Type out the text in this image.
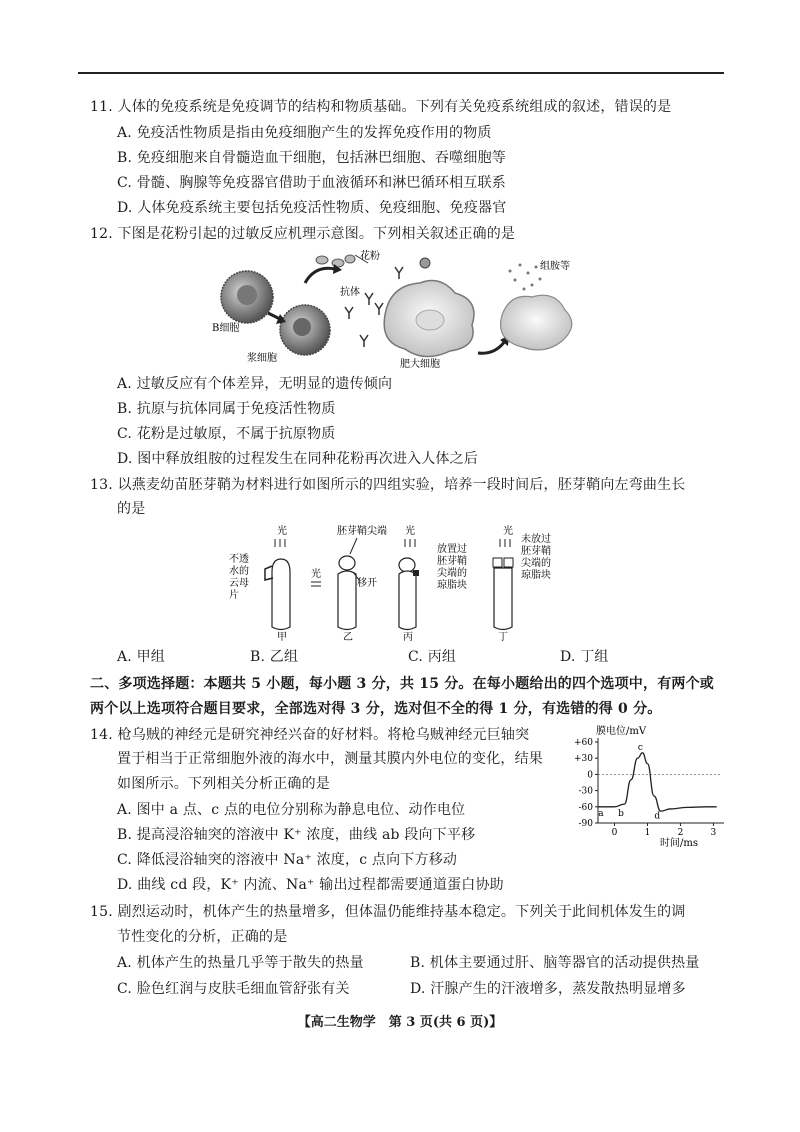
11. 人体的免疫系统是免疫调节的结构和物质基础。下列有关免疫系统组成的叙述，错误的是
A. 免疫活性物质是指由免疫细胞产生的发挥免疫作用的物质
B. 免疫细胞来自骨髓造血干细胞，包括淋巴细胞、吞噬细胞等
C. 骨髓、胸腺等免疫器官借助于血液循环和淋巴循环相互联系
D. 人体免疫系统主要包括免疫活性物质、免疫细胞、免疫器官
12. 下图是花粉引起的过敏反应机理示意图。下列相关叙述正确的是
花粉
抗体
组胺等
B细胞
浆细胞
肥大细胞
A. 过敏反应有个体差异，无明显的遗传倾向
B. 抗原与抗体同属于免疫活性物质
C. 花粉是过敏原，不属于抗原物质
D. 图中释放组胺的过程发生在同种花粉再次进入人体之后
13. 以燕麦幼苗胚芽鞘为材料进行如图所示的四组实验，培养一段时间后，胚芽鞘向左弯曲生长
的是
光
不透
水的
云母
片
甲
胚芽鞘尖端
光
移开
乙
光
丙
放置过
胚芽鞘
尖端的
琼脂块
光
未放过
胚芽鞘
尖端的
琼脂块
丁
A. 甲组	B. 乙组	C. 丙组	D. 丁组
二、多项选择题：本题共 5 小题，每小题 3 分，共 15 分。在每小题给出的四个选项中，有两个或
两个以上选项符合题目要求，全部选对得 3 分，选对但不全的得 1 分，有选错的得 0 分。
14. 枪乌贼的神经元是研究神经兴奋的好材料。将枪乌贼神经元巨轴突
置于相当于正常细胞外液的海水中，测量其膜内外电位的变化，结果
如图所示。下列相关分析正确的是
A. 图中 a 点、c 点的电位分别称为静息电位、动作电位
B. 提高浸浴轴突的溶液中 K⁺ 浓度，曲线 ab 段向下平移
C. 降低浸浴轴突的溶液中 Na⁺ 浓度，c 点向下方移动
D. 曲线 cd 段，K⁺ 内流、Na⁺ 输出过程都需要通道蛋白协助
膜电位/mV
时间/ms
+60
+30
0
-30
-60
-90
0	1	2	3
a b
c
d
15. 剧烈运动时，机体产生的热量增多，但体温仍能维持基本稳定。下列关于此间机体发生的调
节性变化的分析，正确的是
A. 机体产生的热量几乎等于散失的热量	B. 机体主要通过肝、脑等器官的活动提供热量
C. 脸色红润与皮肤毛细血管舒张有关	D. 汗腺产生的汗液增多，蒸发散热明显增多
【高二生物学　第 3 页(共 6 页)】
